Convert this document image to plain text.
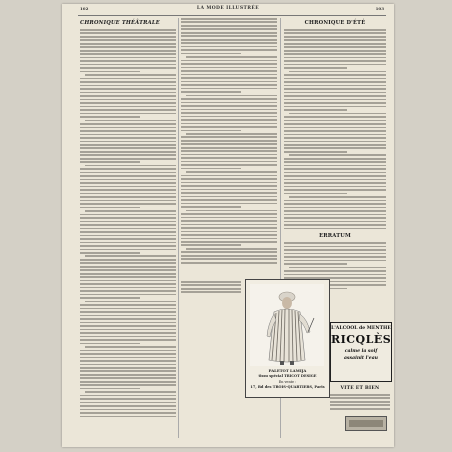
102	LA MODE ILLUSTRÉE	103
CHRONIQUE THÉÂTRALE	CHRONIQUE D'ÉTÉ
ERRATUM
PALETOT LAMIJA
tissu spécial TRICOT DESIGE
En vente :
17, Bd des TROIS-QUARTIERS, Paris
L'ALCOOL de MENTHE
RICQLÈS
calme la soif
assainit l'eau
VITE ET BIEN
